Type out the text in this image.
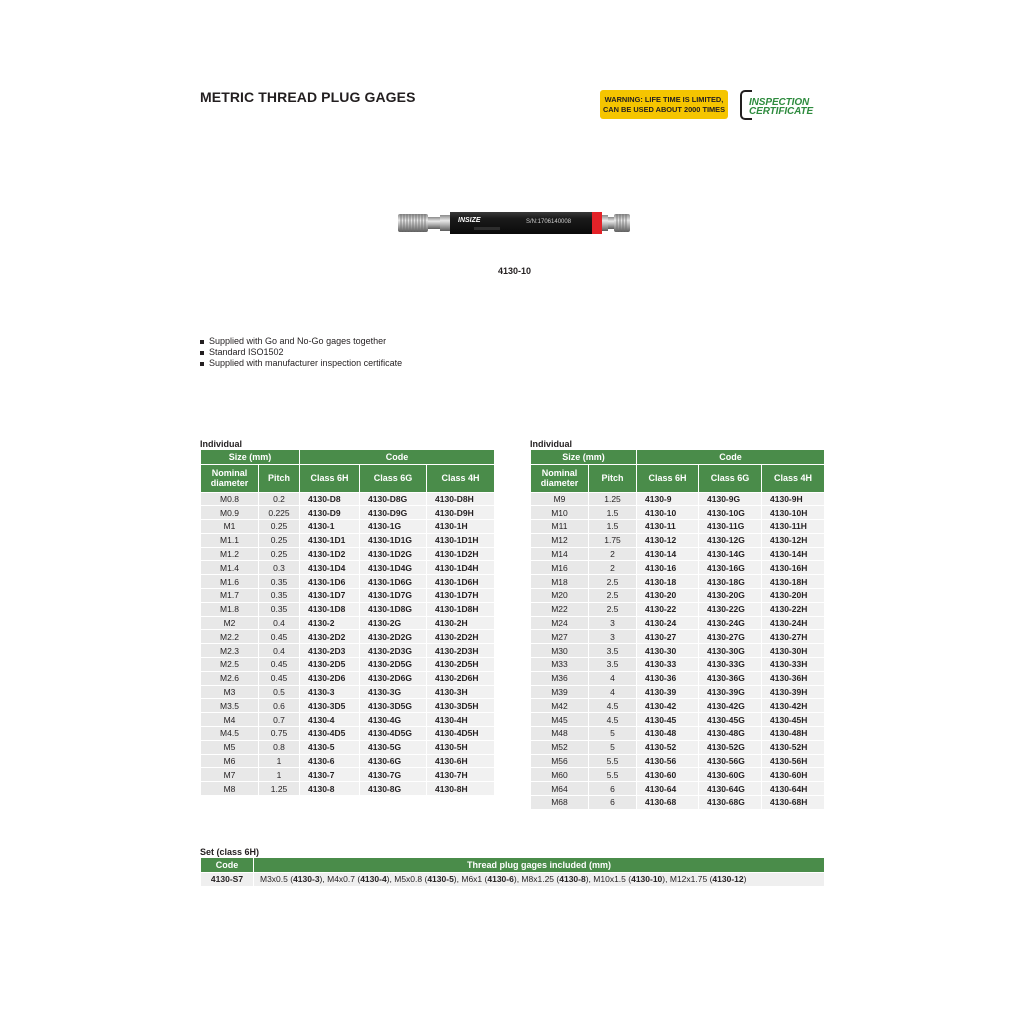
METRIC THREAD PLUG GAGES	WARNING: LIFE TIME IS LIMITED,
CAN BE USED ABOUT 2000 TIMES
INSPECTION
CERTIFICATE
INSIZE	S/N:1706140008
4130-10
Supplied with Go and No-Go gages together
Standard ISO1502
Supplied with manufacturer inspection certificate
Individual	Individual
Size (mm)		Code		
Nominal diameter	Pitch	Class 6H	Class 6G	Class 4H
M0.8	0.2	4130-D8	4130-D8G	4130-D8H
M0.9	0.225	4130-D9	4130-D9G	4130-D9H
M1	0.25	4130-1	4130-1G	4130-1H
M1.1	0.25	4130-1D1	4130-1D1G	4130-1D1H
M1.2	0.25	4130-1D2	4130-1D2G	4130-1D2H
M1.4	0.3	4130-1D4	4130-1D4G	4130-1D4H
M1.6	0.35	4130-1D6	4130-1D6G	4130-1D6H
M1.7	0.35	4130-1D7	4130-1D7G	4130-1D7H
M1.8	0.35	4130-1D8	4130-1D8G	4130-1D8H
M2	0.4	4130-2	4130-2G	4130-2H
M2.2	0.45	4130-2D2	4130-2D2G	4130-2D2H
M2.3	0.4	4130-2D3	4130-2D3G	4130-2D3H
M2.5	0.45	4130-2D5	4130-2D5G	4130-2D5H
M2.6	0.45	4130-2D6	4130-2D6G	4130-2D6H
M3	0.5	4130-3	4130-3G	4130-3H
M3.5	0.6	4130-3D5	4130-3D5G	4130-3D5H
M4	0.7	4130-4	4130-4G	4130-4H
M4.5	0.75	4130-4D5	4130-4D5G	4130-4D5H
M5	0.8	4130-5	4130-5G	4130-5H
M6	1	4130-6	4130-6G	4130-6H
M7	1	4130-7	4130-7G	4130-7H
M8	1.25	4130-8	4130-8G	4130-8H
Size (mm)		Code		
Nominal diameter	Pitch	Class 6H	Class 6G	Class 4H
M9	1.25	4130-9	4130-9G	4130-9H
M10	1.5	4130-10	4130-10G	4130-10H
M11	1.5	4130-11	4130-11G	4130-11H
M12	1.75	4130-12	4130-12G	4130-12H
M14	2	4130-14	4130-14G	4130-14H
M16	2	4130-16	4130-16G	4130-16H
M18	2.5	4130-18	4130-18G	4130-18H
M20	2.5	4130-20	4130-20G	4130-20H
M22	2.5	4130-22	4130-22G	4130-22H
M24	3	4130-24	4130-24G	4130-24H
M27	3	4130-27	4130-27G	4130-27H
M30	3.5	4130-30	4130-30G	4130-30H
M33	3.5	4130-33	4130-33G	4130-33H
M36	4	4130-36	4130-36G	4130-36H
M39	4	4130-39	4130-39G	4130-39H
M42	4.5	4130-42	4130-42G	4130-42H
M45	4.5	4130-45	4130-45G	4130-45H
M48	5	4130-48	4130-48G	4130-48H
M52	5	4130-52	4130-52G	4130-52H
M56	5.5	4130-56	4130-56G	4130-56H
M60	5.5	4130-60	4130-60G	4130-60H
M64	6	4130-64	4130-64G	4130-64H
M68	6	4130-68	4130-68G	4130-68H
Set (class 6H)
Code	Thread plug gages included (mm)
4130-S7	M3x0.5 (4130-3), M4x0.7 (4130-4), M5x0.8 (4130-5), M6x1 (4130-6), M8x1.25 (4130-8), M10x1.5 (4130-10), M12x1.75 (4130-12)
